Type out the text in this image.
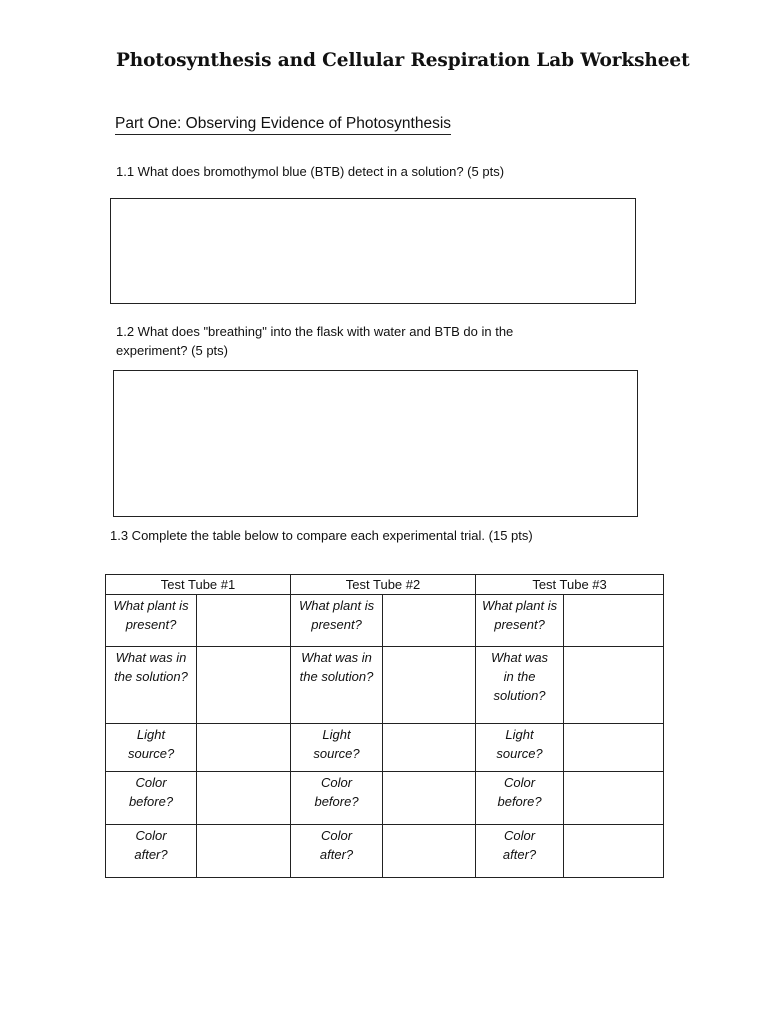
Photosynthesis and Cellular Respiration Lab Worksheet
Part One: Observing Evidence of Photosynthesis
1.1 What does bromothymol blue (BTB) detect in a solution? (5 pts)
1.2 What does "breathing" into the flask with water and BTB do in the experiment? (5 pts)
1.3 Complete the table below to compare each experimental trial. (15 pts)
Test Tube #1		Test Tube #2		Test Tube #3	
What plant is present?		What plant is present?		What plant is present?	
What was in the solution?		What was in the solution?		What was in the solution?	
Light source?		Light source?		Light source?	
Color before?		Color before?		Color before?	
Color after?		Color after?		Color after?	
